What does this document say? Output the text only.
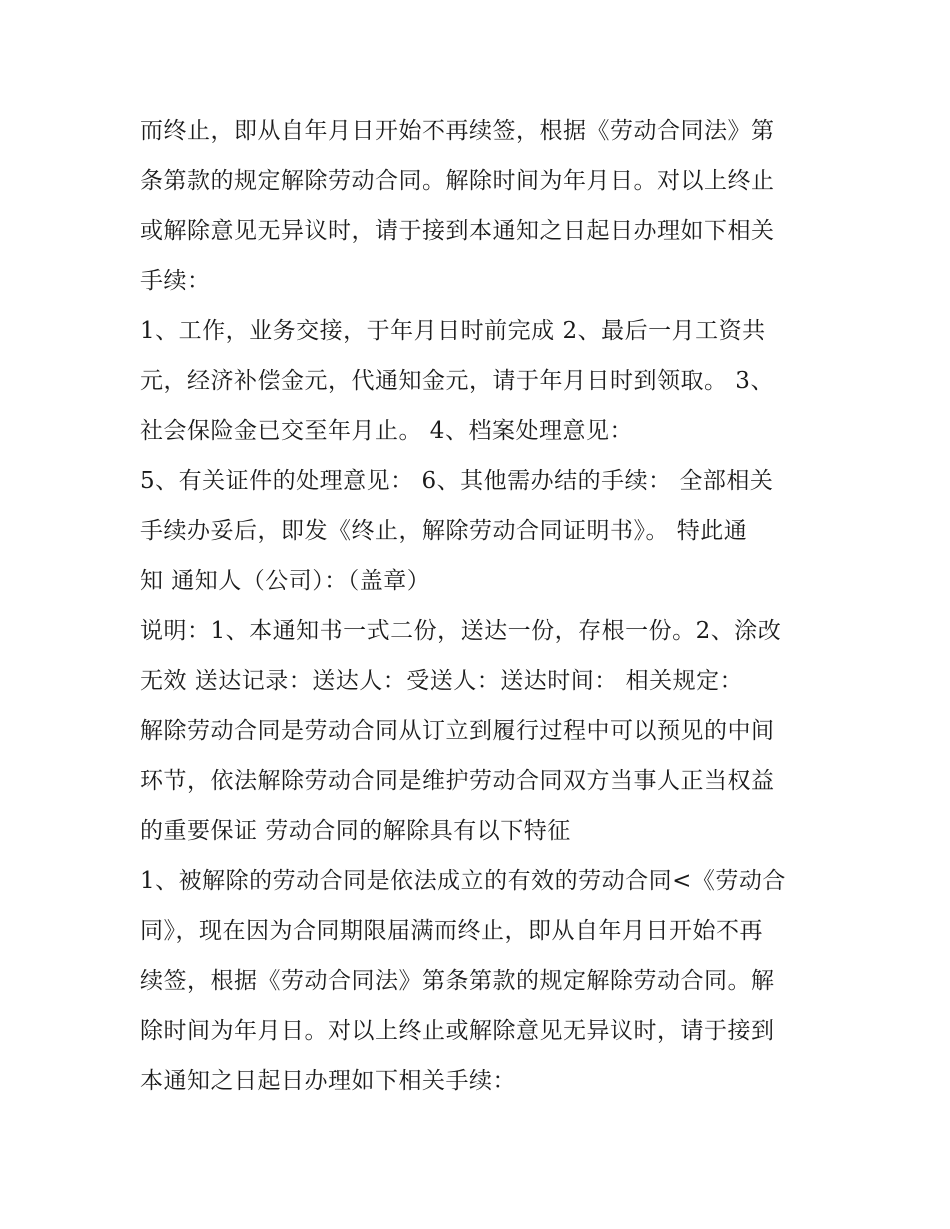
而终止，即从自年月日开始不再续签，根据《劳动合同法》第
条第款的规定解除劳动合同。解除时间为年月日。对以上终止
或解除意见无异议时，请于接到本通知之日起日办理如下相关
手续：
1、工作，业务交接，于年月日时前完成 2、最后一月工资共
元，经济补偿金元，代通知金元，请于年月日时到领取。 3、
社会保险金已交至年月止。 4、档案处理意见：
5、有关证件的处理意见： 6、其他需办结的手续： 全部相关
手续办妥后，即发《终止，解除劳动合同证明书》。 特此通
知 通知人（公司）：（盖章）
说明：1、本通知书一式二份，送达一份，存根一份。2、涂改
无效 送达记录：送达人：受送人：送达时间： 相关规定：
解除劳动合同是劳动合同从订立到履行过程中可以预见的中间
环节，依法解除劳动合同是维护劳动合同双方当事人正当权益
的重要保证 劳动合同的解除具有以下特征
1、被解除的劳动合同是依法成立的有效的劳动合同<《劳动合
同》，现在因为合同期限届满而终止，即从自年月日开始不再
续签，根据《劳动合同法》第条第款的规定解除劳动合同。解
除时间为年月日。对以上终止或解除意见无异议时，请于接到
本通知之日起日办理如下相关手续：
